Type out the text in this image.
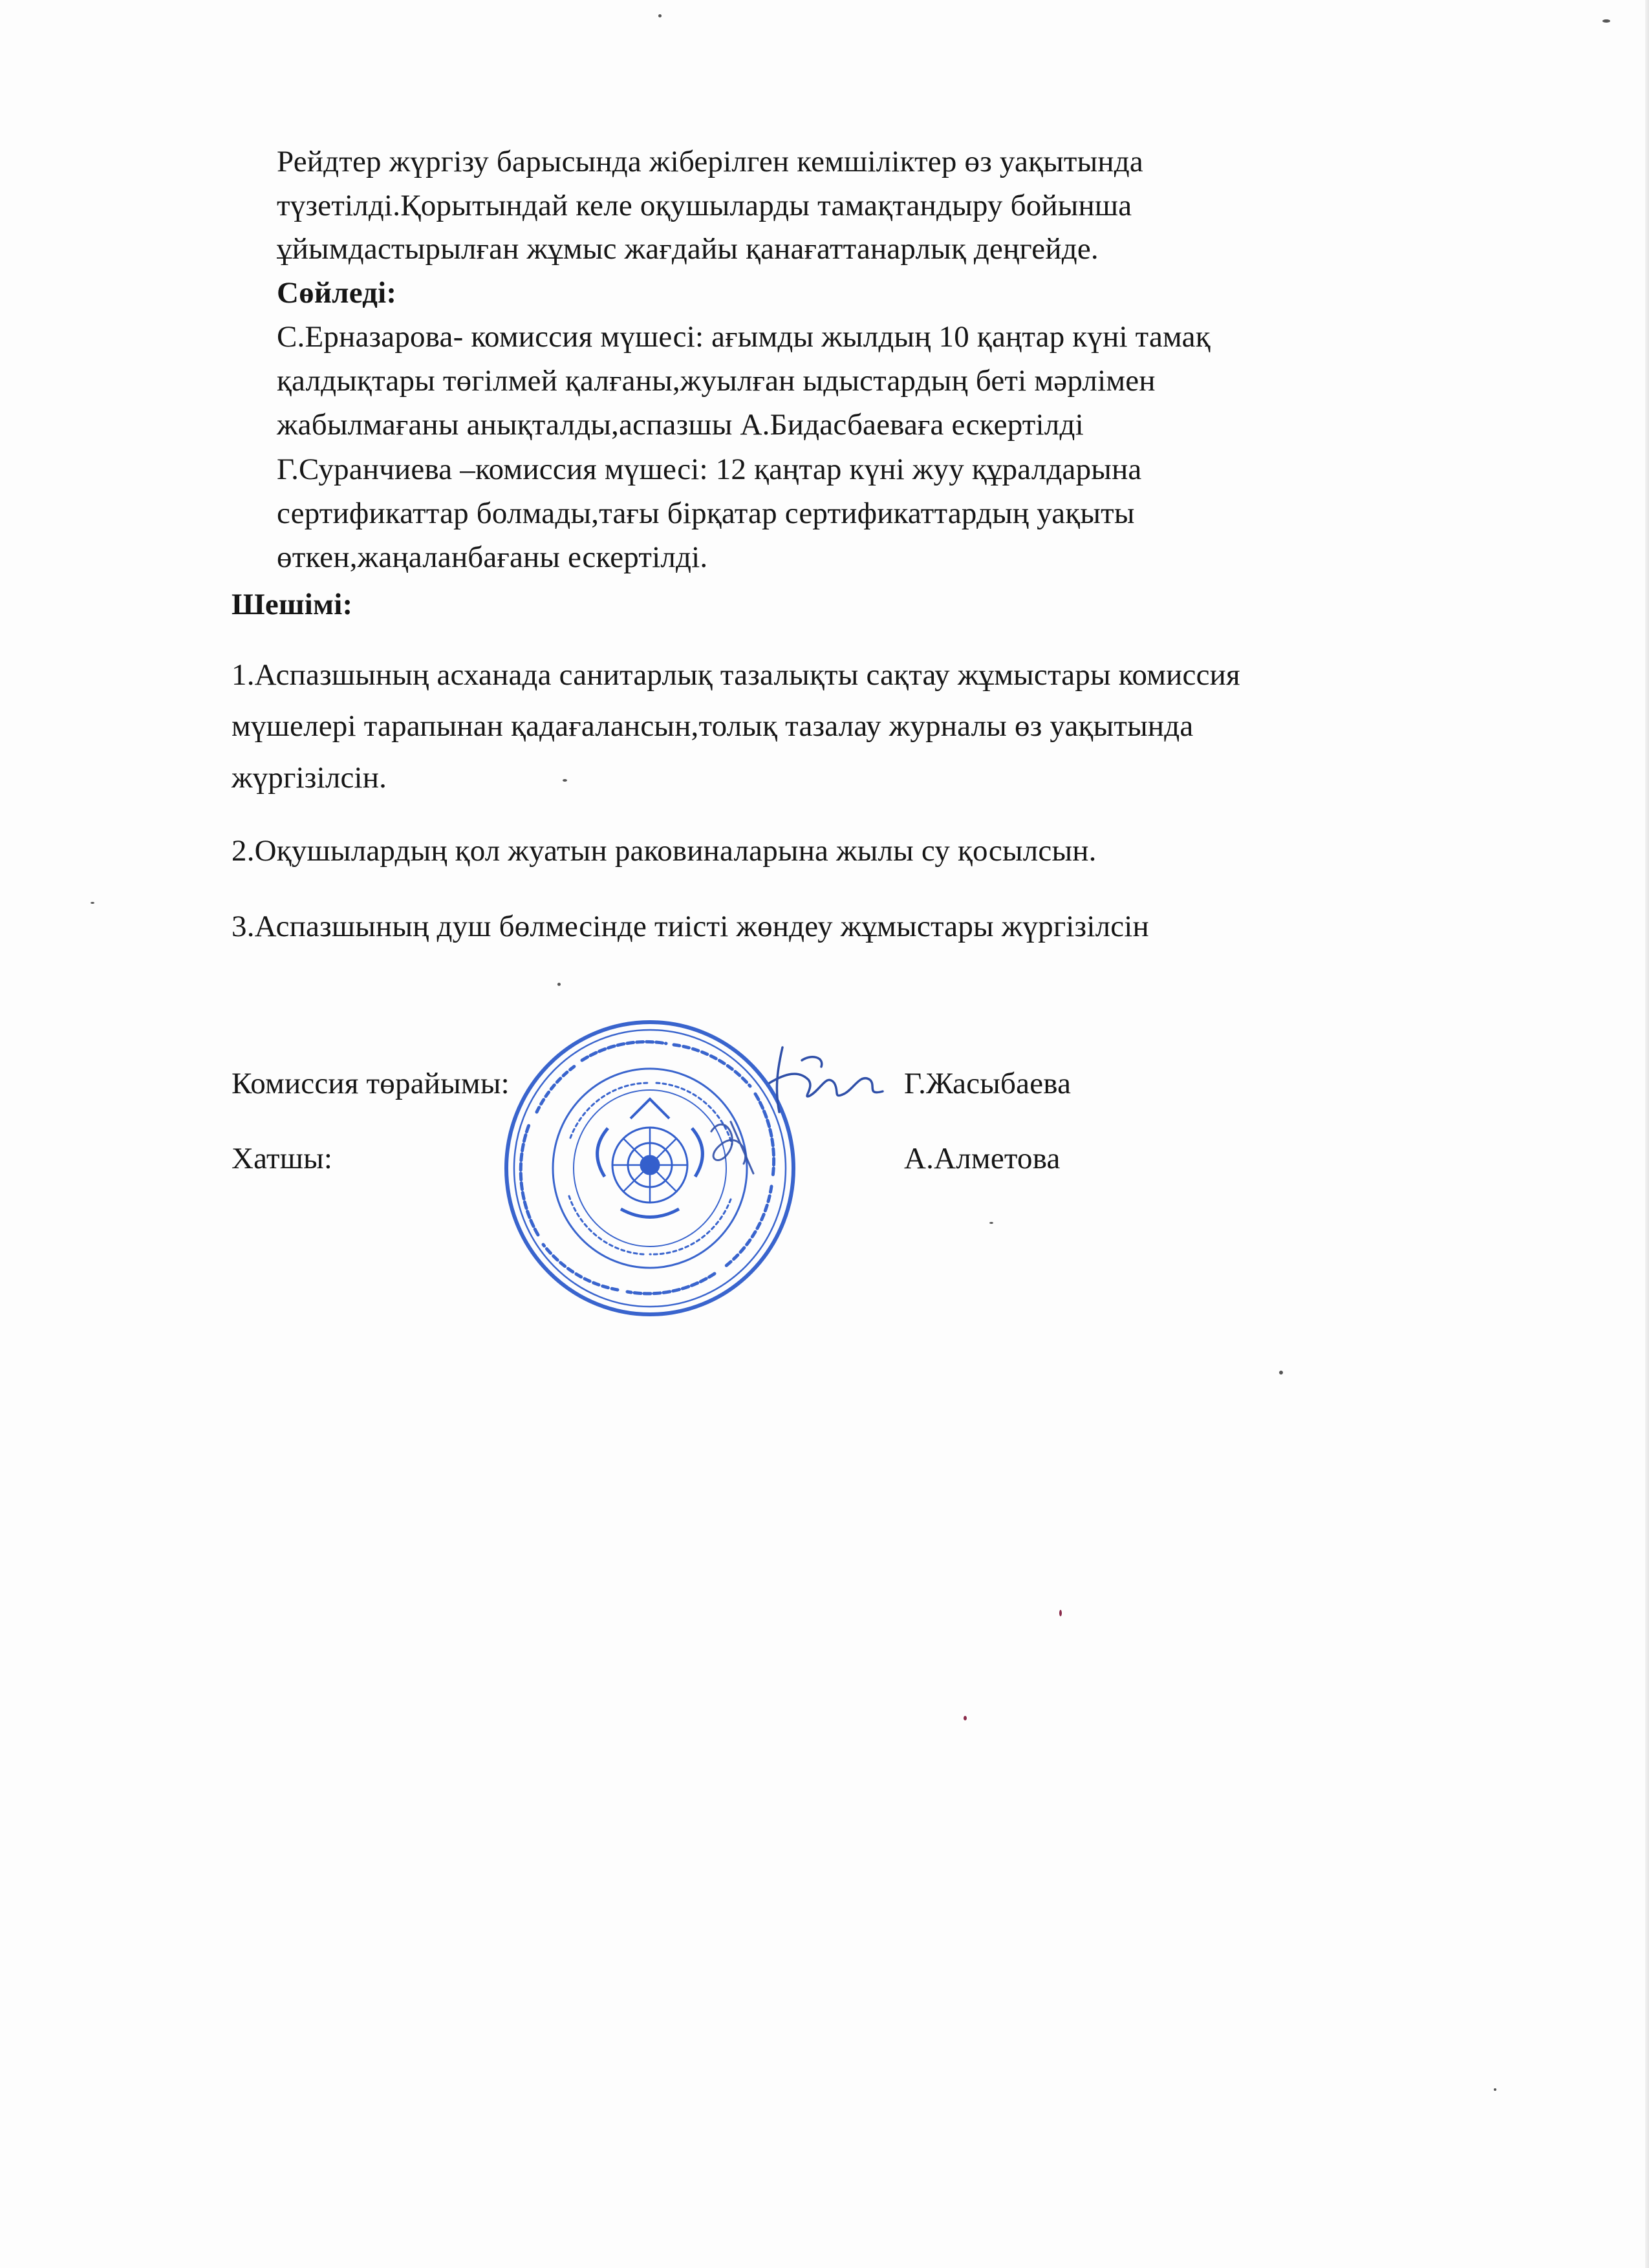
Рейдтер жүргізу барысында жіберілген кемшіліктер өз уақытында
түзетілді.Қорытындай келе оқушыларды тамақтандыру бойынша
ұйымдастырылған жұмыс жағдайы қанағаттанарлық деңгейде.
Сөйледі:
С.Ерназарова- комиссия мүшесі: ағымды жылдың 10 қаңтар күні тамақ
қалдықтары төгілмей қалғаны,жуылған ыдыстардың беті мәрлімен
жабылмағаны анықталды,аспазшы А.Бидасбаеваға ескертілді
Г.Суранчиева –комиссия мүшесі: 12 қаңтар күні жуу құралдарына
сертификаттар болмады,тағы бірқатар сертификаттардың уақыты
өткен,жаңаланбағаны ескертілді.
Шешімі:
1.Аспазшының асханада санитарлық тазалықты сақтау жұмыстары комиссия
мүшелері тарапынан қадағалансын,толық тазалау журналы өз уақытында
жүргізілсін.
2.Оқушылардың қол жуатын раковиналарына жылы су қосылсын.
3.Аспазшының душ бөлмесінде тиісті жөндеу жұмыстары жүргізілсін
Комиссия төрайымы:	Г.Жасыбаева
Хатшы:	А.Алметова
